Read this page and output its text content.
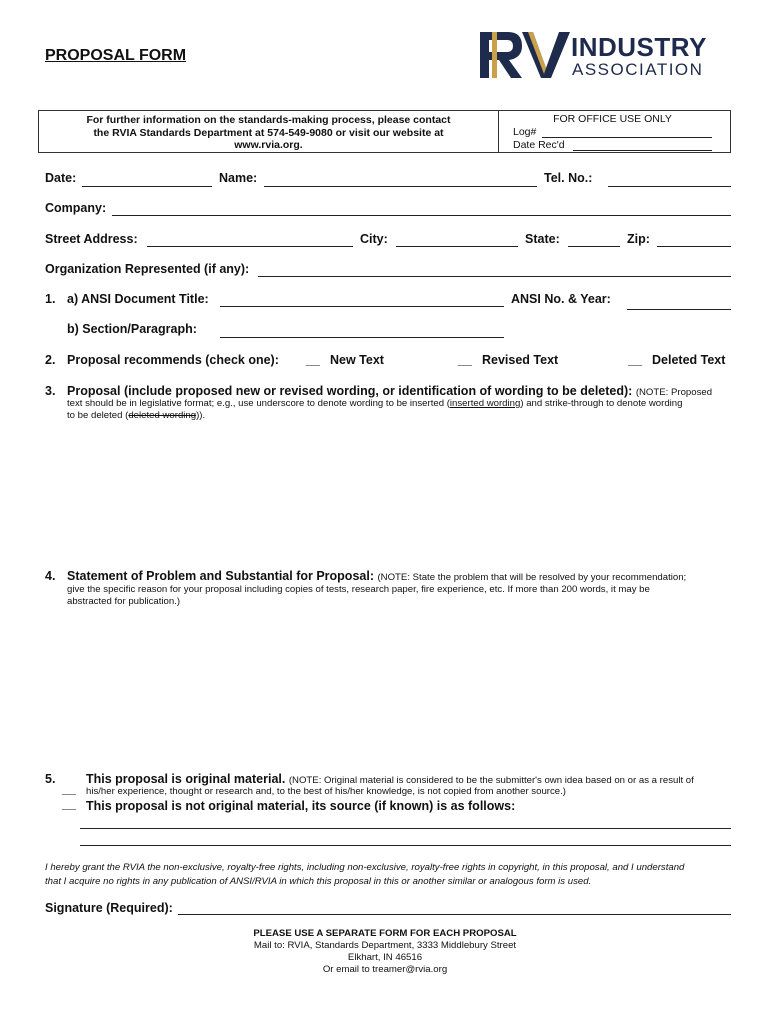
PROPOSAL FORM	INDUSTRY
ASSOCIATION
For further information on the standards-making process, please contact
the RVIA Standards Department at 574-549-9080 or visit our website at
www.rvia.org.
FOR OFFICE USE ONLY
Log#
Date Rec'd
Date:	Name:	Tel. No.:
Company:
Street Address:	City:	State:	Zip:
Organization Represented (if any):
1. a) ANSI Document Title:	ANSI No. & Year:
b) Section/Paragraph:
2. Proposal recommends (check one): __ New Text	__ Revised Text	__ Deleted Text
3. Proposal (include proposed new or revised wording, or identification of wording to be deleted): (NOTE: Proposed
text should be in legislative format; e.g., use underscore to denote wording to be inserted (inserted wording) and strike-through to denote wording
to be deleted (deleted wording)).
4. Statement of Problem and Substantial for Proposal: (NOTE: State the problem that will be resolved by your recommendation;
give the specific reason for your proposal including copies of tests, research paper, fire experience, etc. If more than 200 words, it may be
abstracted for publication.)
5. This proposal is original material. (NOTE: Original material is considered to be the submitter's own idea based on or as a result of
__ his/her experience, thought or research and, to the best of his/her knowledge, is not copied from another source.)
__ This proposal is not original material, its source (if known) is as follows:
I hereby grant the RVIA the non-exclusive, royalty-free rights, including non-exclusive, royalty-free rights in copyright, in this proposal, and I understand
that I acquire no rights in any publication of ANSI/RVIA in which this proposal in this or another similar or analogous form is used.
Signature (Required):
PLEASE USE A SEPARATE FORM FOR EACH PROPOSAL
Mail to: RVIA, Standards Department, 3333 Middlebury Street
Elkhart, IN 46516
Or email to treamer@rvia.org
